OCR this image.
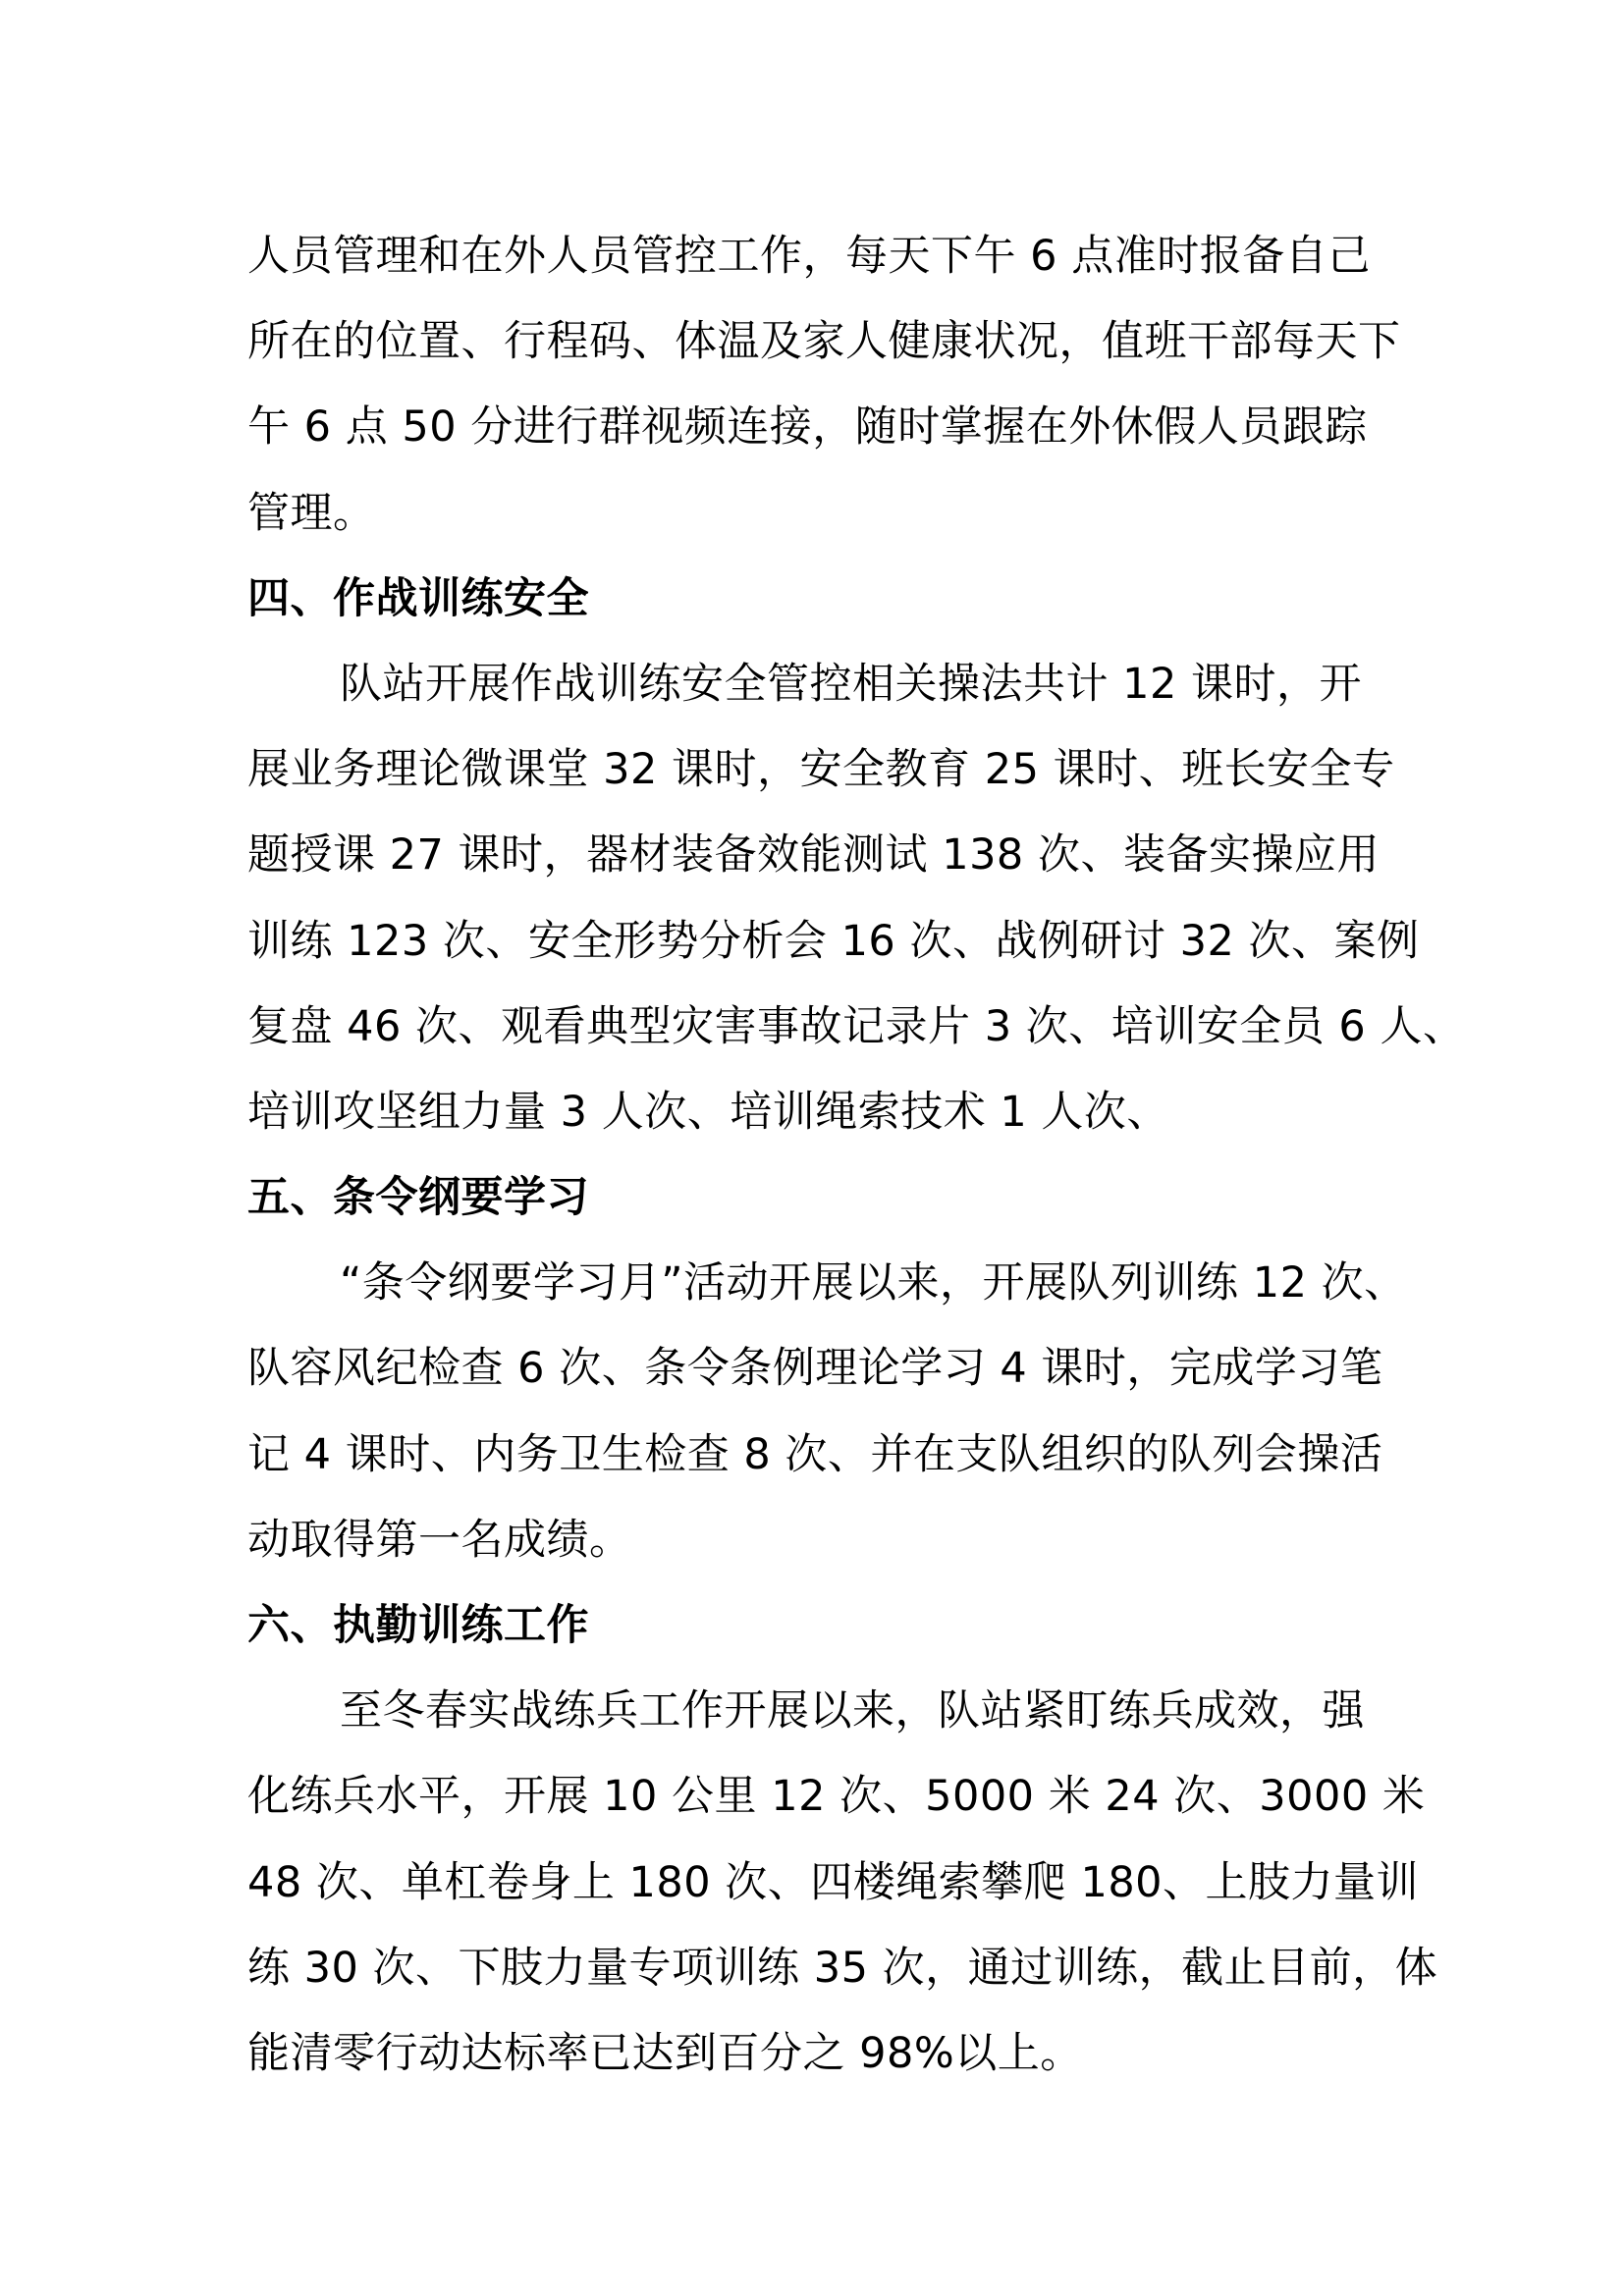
人员管理和在外人员管控工作，每天下午 6 点准时报备自己
所在的位置、行程码、体温及家人健康状况，值班干部每天下
午 6 点 50 分进行群视频连接，随时掌握在外休假人员跟踪
管理。
四、作战训练安全
队站开展作战训练安全管控相关操法共计 12 课时，开
展业务理论微课堂 32 课时，安全教育 25 课时、班长安全专
题授课 27 课时，器材装备效能测试 138 次、装备实操应用
训练 123 次、安全形势分析会 16 次、战例研讨 32 次、案例
复盘 46 次、观看典型灾害事故记录片 3 次、培训安全员 6 人、
培训攻坚组力量 3 人次、培训绳索技术 1 人次、
五、条令纲要学习
“条令纲要学习月”活动开展以来，开展队列训练 12 次、
队容风纪检查 6 次、条令条例理论学习 4 课时，完成学习笔
记 4 课时、内务卫生检查 8 次、并在支队组织的队列会操活
动取得第一名成绩。
六、执勤训练工作
至冬春实战练兵工作开展以来，队站紧盯练兵成效，强
化练兵水平，开展 10 公里 12 次、5000 米 24 次、3000 米
48 次、单杠卷身上 180 次、四楼绳索攀爬 180、上肢力量训
练 30 次、下肢力量专项训练 35 次，通过训练，截止目前，体
能清零行动达标率已达到百分之 98%以上。
